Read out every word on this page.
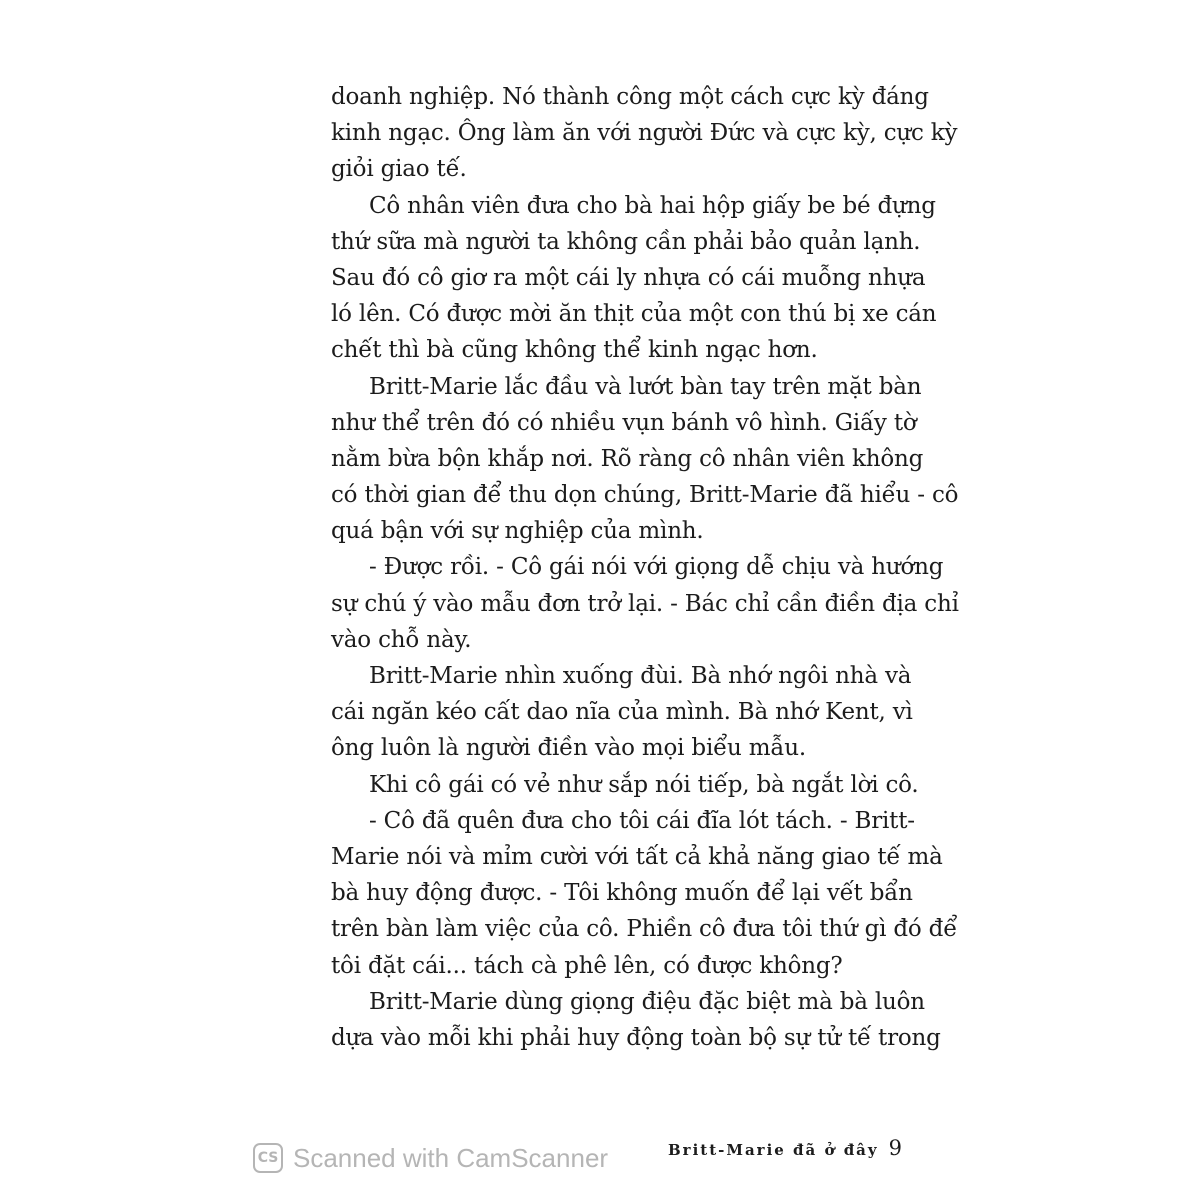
doanh nghiệp. Nó thành công một cách cực kỳ đáng
kinh ngạc. Ông làm ăn với người Đức và cực kỳ, cực kỳ
giỏi giao tế.
Cô nhân viên đưa cho bà hai hộp giấy be bé đựng
thứ sữa mà người ta không cần phải bảo quản lạnh.
Sau đó cô giơ ra một cái ly nhựa có cái muỗng nhựa
ló lên. Có được mời ăn thịt của một con thú bị xe cán
chết thì bà cũng không thể kinh ngạc hơn.
Britt-Marie lắc đầu và lướt bàn tay trên mặt bàn
như thể trên đó có nhiều vụn bánh vô hình. Giấy tờ
nằm bừa bộn khắp nơi. Rõ ràng cô nhân viên không
có thời gian để thu dọn chúng, Britt-Marie đã hiểu - cô
quá bận với sự nghiệp của mình.
- Được rồi. - Cô gái nói với giọng dễ chịu và hướng
sự chú ý vào mẫu đơn trở lại. - Bác chỉ cần điền địa chỉ
vào chỗ này.
Britt-Marie nhìn xuống đùi. Bà nhớ ngôi nhà và
cái ngăn kéo cất dao nĩa của mình. Bà nhớ Kent, vì
ông luôn là người điền vào mọi biểu mẫu.
Khi cô gái có vẻ như sắp nói tiếp, bà ngắt lời cô.
- Cô đã quên đưa cho tôi cái đĩa lót tách. - Britt-
Marie nói và mỉm cười với tất cả khả năng giao tế mà
bà huy động được. - Tôi không muốn để lại vết bẩn
trên bàn làm việc của cô. Phiền cô đưa tôi thứ gì đó để
tôi đặt cái... tách cà phê lên, có được không?
Britt-Marie dùng giọng điệu đặc biệt mà bà luôn
dựa vào mỗi khi phải huy động toàn bộ sự tử tế trong
Britt-Marie đã ở đây 9
CS Scanned with CamScanner
